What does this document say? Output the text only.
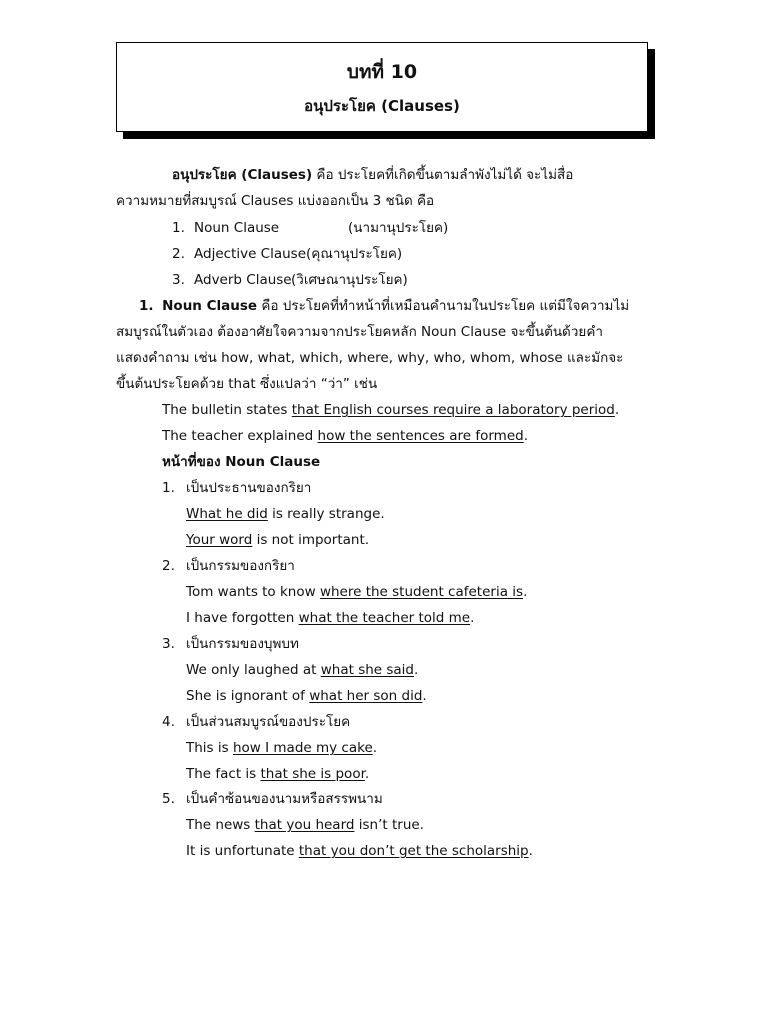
บทที่ 10
อนุประโยค (Clauses)
อนุประโยค (Clauses) คือ ประโยคที่เกิดขึ้นตามลำพังไม่ได้ จะไม่สื่อ
ความหมายที่สมบูรณ์ Clauses แบ่งออกเป็น 3 ชนิด คือ
1. Noun Clause	(นามานุประโยค)
2. Adjective Clause(คุณานุประโยค)
3. Adverb Clause (วิเศษณานุประโยค)
1. Noun Clause คือ ประโยคที่ทำหน้าที่เหมือนคำนามในประโยค แต่มีใจความไม่
สมบูรณ์ในตัวเอง ต้องอาศัยใจความจากประโยคหลัก Noun Clause จะขึ้นต้นด้วยคำ
แสดงคำถาม เช่น how, what, which, where, why, who, whom, whose และมักจะ
ขึ้นต้นประโยคด้วย that ซึ่งแปลว่า “ว่า” เช่น
The bulletin states that English courses require a laboratory period.
The teacher explained how the sentences are formed.
หน้าที่ของ Noun Clause
1. เป็นประธานของกริยา
What he did is really strange.
Your word is not important.
2. เป็นกรรมของกริยา
Tom wants to know where the student cafeteria is.
I have forgotten what the teacher told me.
3. เป็นกรรมของบุพบท
We only laughed at what she said.
She is ignorant of what her son did.
4. เป็นส่วนสมบูรณ์ของประโยค
This is how I made my cake.
The fact is that she is poor.
5. เป็นคำซ้อนของนามหรือสรรพนาม
The news that you heard isn’t true.
It is unfortunate that you don’t get the scholarship.
